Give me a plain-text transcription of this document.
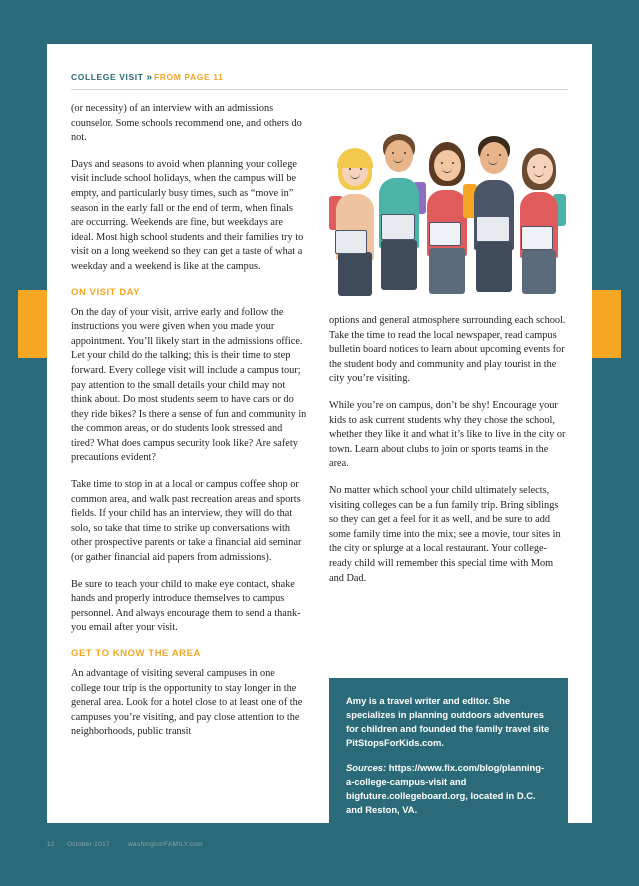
COLLEGE VISIT » FROM PAGE 11

(or necessity) of an interview with an admissions counselor. Some schools recommend one, and others do not.

Days and seasons to avoid when planning your college visit include school holidays, when the campus will be empty, and particularly busy times, such as “move in” season in the early fall or the end of term, when finals are occurring. Weekends are fine, but weekdays are ideal. Most high school students and their families try to visit on a long weekend so they can get a taste of what a weekday and a weekend is like at the campus.

ON VISIT DAY

On the day of your visit, arrive early and follow the instructions you were given when you made your appointment. You’ll likely start in the admissions office. Let your child do the talking; this is their time to step forward. Every college visit will include a campus tour; pay attention to the small details your child may not think about. Do most students seem to have cars or do they ride bikes? Is there a sense of fun and community in the common areas, or do students look stressed and tired? What does campus security look like? Are safety precautions evident?

Take time to stop in at a local or campus coffee shop or common area, and walk past recreation areas and sports fields. If your child has an interview, they will do that solo, so take that time to strike up conversations with other prospective parents or take a financial aid seminar (or gather financial aid papers from admissions).

Be sure to teach your child to make eye contact, shake hands and properly introduce themselves to campus personnel. And always encourage them to send a thank-you email after your visit.

GET TO KNOW THE AREA

An advantage of visiting several campuses in one college tour trip is the opportunity to stay longer in the general area. Look for a hotel close to at least one of the campuses you’re visiting, and pay close attention to the neighborhoods, public transit

options and general atmosphere surrounding each school. Take the time to read the local newspaper, read campus bulletin board notices to learn about upcoming events for the student body and community and play tourist in the city you’re visiting.

While you’re on campus, don’t be shy! Encourage your kids to ask current students why they chose the school, whether they like it and what it’s like to live in the city or town. Learn about clubs to join or sports teams in the area.

No matter which school your child ultimately selects, visiting colleges can be a fun family trip. Bring siblings so they can get a feel for it as well, and be sure to add some family time into the mix; see a movie, tour sites in the city or splurge at a local restaurant. Your college-ready child will remember this special time with Mom and Dad.

Amy is a travel writer and editor. She specializes in planning outdoors adventures for children and founded the family travel site PitStopsForKids.com.

Sources: https://www.fix.com/blog/planning-a-college-campus-visit and bigfuture.collegeboard.org, located in D.C. and Reston, VA.

12 October 2017	washingtonFAMILY.com
